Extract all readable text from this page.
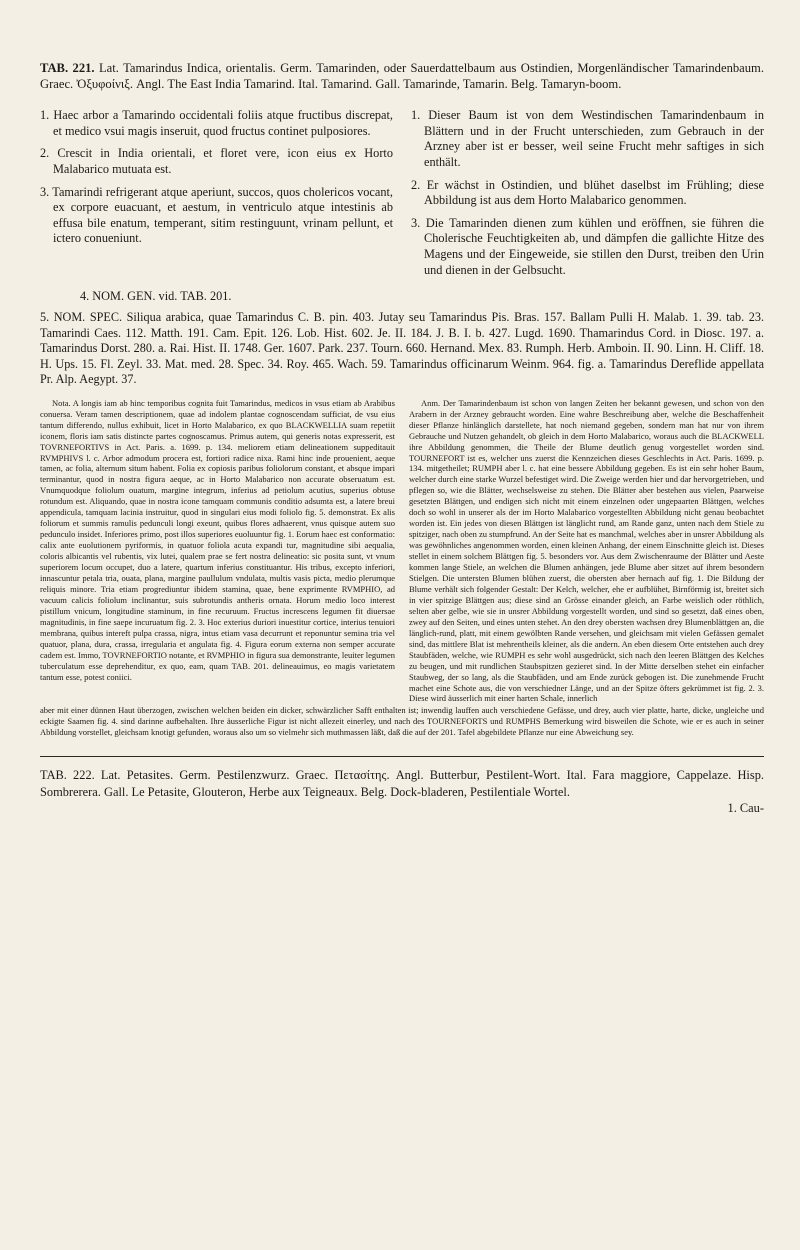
TAB. 221. Lat. Tamarindus Indica, orientalis. Germ. Tamarinden, oder Sauerdattelbaum aus Ostindien, Morgenländischer Tamarindenbaum. Graec. Ὀξυφοίνιξ. Angl. The East India Tamarind. Ital. Tamarind. Gall. Tamarinde, Tamarin. Belg. Tamaryn-boom.

1. Haec arbor a Tamarindo occidentali foliis atque fructibus discrepat, et medico vsui magis inseruit, quod fructus continet pulposiores.

2. Crescit in India orientali, et floret vere, icon eius ex Horto Malabarico mutuata est.

3. Tamarindi refrigerant atque aperiunt, succos, quos cholericos vocant, ex corpore euacuant, et aestum, in ventriculo atque intestinis ab effusa bile enatum, temperant, sitim restinguunt, vrinam pellunt, et ictero conueniunt.

1. Dieser Baum ist von dem Westindischen Tamarindenbaum in Blättern und in der Frucht unterschieden, zum Gebrauch in der Arzney aber ist er besser, weil seine Frucht mehr saftiges in sich enthält.

2. Er wächst in Ostindien, und blühet daselbst im Frühling; diese Abbildung ist aus dem Horto Malabarico genommen.

3. Die Tamarinden dienen zum kühlen und eröffnen, sie führen die Cholerische Feuchtigkeiten ab, und dämpfen die gallichte Hitze des Magens und der Eingeweide, sie stillen den Durst, treiben den Urin und dienen in der Gelbsucht.

4. NOM. GEN. vid. TAB. 201.
5. NOM. SPEC. Siliqua arabica, quae Tamarindus C. B. pin. 403. Jutay seu Tamarindus Pis. Bras. 157. Ballam Pulli H. Malab. 1. 39. tab. 23. Tamarindi Caes. 112. Matth. 191. Cam. Epit. 126. Lob. Hist. 602. Je. II. 184. J. B. I. b. 427. Lugd. 1690. Thamarindus Cord. in Diosc. 197. a. Tamarindus Dorst. 280. a. Rai. Hist. II. 1748. Ger. 1607. Park. 237. Tourn. 660. Hernand. Mex. 83. Rumph. Herb. Amboin. II. 90. Linn. H. Cliff. 18. H. Ups. 15. Fl. Zeyl. 33. Mat. med. 28. Spec. 34. Roy. 465. Wach. 59. Tamarindus officinarum Weinm. 964. fig. a. Tamarindus Dereflide appellata Pr. Alp. Aegypt. 37.

Nota. A longis iam ab hinc temporibus cognita fuit Tamarindus, medicos in vsus etiam ab Arabibus conuersa. Veram tamen descriptionem, quae ad indolem plantae cognoscendam sufficiat, de vsu eius tantum differendo, nullus exhibuit, licet in Horto Malabarico, ex quo BLACKWELLIA suam repetiit iconem, floris iam satis distincte partes cognoscamus. Primus autem, qui generis notas expresserit, est TOVRNEFORTIVS in Act. Paris. a. 1699. p. 134. meliorem etiam delineationem suppeditauit RVMPHIVS l. c. Arbor admodum procera est, fortiori radice nixa. Rami hinc inde prouenient, aeque tamen, ac folia, alternum situm habent. Folia ex copiosis paribus foliolorum constant, et absque impari terminantur, quod in nostra figura aeque, ac in Horto Malabarico non accurate obseruatum est. Vnumquodque foliolum ouatum, margine integrum, inferius ad petiolum acutius, superius obtuse rotundum est. Aliquando, quae in nostra icone tamquam communis conditio adsumta est, a latere breui appendicula, tamquam lacinia instruitur, quod in singulari eius modi foliolo fig. 5. demonstrat. Ex alis foliorum et summis ramulis pedunculi longi exeunt, quibus flores adhaerent, vnus quisque autem suo pedunculo insidet. Inferiores primo, post illos superiores euoluuntur fig. 1. Eorum haec est conformatio: calix ante euolutionem pyriformis, in quatuor foliola acuta expandi tur, magnitudine sibi aequalia, coloris albicantis vel rubentis, vix lutei, qualem prae se fert nostra delineatio: sic posita sunt, vt vnum superiorem locum occupet, duo a latere, quartum inferius constituantur. His tribus, excepto inferiori, innascuntur petala tria, ouata, plana, margine paullulum vndulata, multis vasis picta, medio plerumque reliquis minore. Tria etiam progrediuntur ibidem stamina, quae, bene exprimente RVMPHIO, ad vacuum calicis foliolum inclinantur, suis subrotundis antheris ornata. Horum medio loco interest pistillum vnicum, longitudine staminum, in fine recuruum. Fructus increscens legumen fit diuersae magnitudinis, in fine saepe incuruatum fig. 2. 3. Hoc exterius duriori inuestitur cortice, interius tenuiori membrana, quibus intereft pulpa crassa, nigra, intus etiam vasa decurrunt et reponuntur semina tria vel quatuor, plana, dura, crassa, irregularia et angulata fig. 4. Figura eorum externa non semper accurate cadem est. Immo, TOVRNEFORTIO notante, et RVMPHIO in figura sua demonstrante, leuiter legumen tuberculatum esse deprehenditur, ex quo, eam, quam TAB. 201. delineauimus, eo magis varietatem tantum esse, potest coniici.

Anm. Der Tamarindenbaum ist schon von langen Zeiten her bekannt gewesen, und schon von den Arabern in der Arzney gebraucht worden. Eine wahre Beschreibung aber, welche die Beschaffenheit dieser Pflanze hinlänglich darstellete, hat noch niemand gegeben, sondern man hat nur von ihrem Gebrauche und Nutzen gehandelt, ob gleich in dem Horto Malabarico, woraus auch die BLACKWELL ihre Abbildung genommen, die Theile der Blume deutlich genug vorgestellet worden sind. TOURNEFORT ist es, welcher uns zuerst die Kennzeichen dieses Geschlechts in Act. Paris. 1699. p. 134. mitgetheilet; RUMPH aber l. c. hat eine bessere Abbildung gegeben. Es ist ein sehr hoher Baum, welcher durch eine starke Wurzel befestiget wird. Die Zweige werden hier und dar hervorgetrieben, und pflegen so, wie die Blätter, wechselsweise zu stehen. Die Blätter aber bestehen aus vielen, Paarweise gesetzten Blättgen, und endigen sich nicht mit einem einzelnen oder ungepaarten Blättgen, welches doch so wohl in unserer als der im Horto Malabarico vorgestellten Abbildung nicht genau beobachtet worden ist. Ein jedes von diesen Blättgen ist länglicht rund, am Rande ganz, unten nach dem Stiele zu spitziger, nach oben zu stumpfrund. An der Seite hat es manchmal, welches aber in unsrer Abbildung als was gewöhnliches angenommen worden, einen kleinen Anhang, der einem Einschnitte gleich ist. Dieses stellet in einem solchem Blättgen fig. 5. besonders vor. Aus dem Zwischenraume der Blätter und Aeste kommen lange Stiele, an welchen die Blumen anhängen, jede Blume aber sitzet auf ihrem besondern Stielgen. Die untersten Blumen blühen zuerst, die obersten aber hernach auf fig. 1. Die Bildung der Blume verhält sich folgender Gestalt: Der Kelch, welcher, ehe er aufblühet, Birnförmig ist, breitet sich in vier spitzige Blättgen aus; diese sind an Grösse einander gleich, an Farbe weislich oder röthlich, selten aber gelbe, wie sie in unsrer Abbildung vorgestellt worden, und sind so gesetzt, daß eines oben, zwey auf den Seiten, und eines unten stehet. An den drey obersten wachsen drey Blumenblättgen an, die länglich-rund, platt, mit einem gewölbten Rande versehen, und gleichsam mit vielen Gefässen gemalet sind, das mittlere Blat ist mehrentheils kleiner, als die andern. An eben diesem Orte entstehen auch drey Staubfäden, welche, wie RUMPH es sehr wohl ausgedrückt, sich nach den leeren Blättgen des Kelches zu beugen, und mit rundlichen Staubspitzen gezieret sind. In der Mitte derselben stehet ein einfacher Staubweg, der so lang, als die Staubfäden, und am Ende zurück gebogen ist. Die zunehmende Frucht machet eine Schote aus, die von verschiedner Länge, und an der Spitze öfters gekrümmet ist fig. 2. 3. Diese wird äusserlich mit einer harten Schale, innerlich

aber mit einer dünnen Haut überzogen, zwischen welchen beiden ein dicker, schwärzlicher Safft enthalten ist; inwendig lauffen auch verschiedene Gefässe, und drey, auch vier platte, harte, dicke, ungleiche und eckigte Saamen fig. 4. sind darinne aufbehalten. Ihre äusserliche Figur ist nicht allezeit einerley, und nach des TOURNEFORTS und RUMPHS Bemerkung wird bisweilen die Schote, wie er es auch in seiner Abbildung vorstellet, gleichsam knotigt gefunden, woraus also um so vielmehr sich muthmassen läßt, daß die auf der 201. Tafel abgebildete Pflanze nur eine Abweichung sey.
TAB. 222. Lat. Petasites. Germ. Pestilenzwurz. Graec. Πετασίτης. Angl. Butterbur, Pestilent-Wort. Ital. Fara maggiore, Cappelaze. Hisp. Sombrerera. Gall. Le Petasite, Glouteron, Herbe aux Teigneaux. Belg. Dock-bladeren, Pestilentiale Wortel.
1. Cau-
